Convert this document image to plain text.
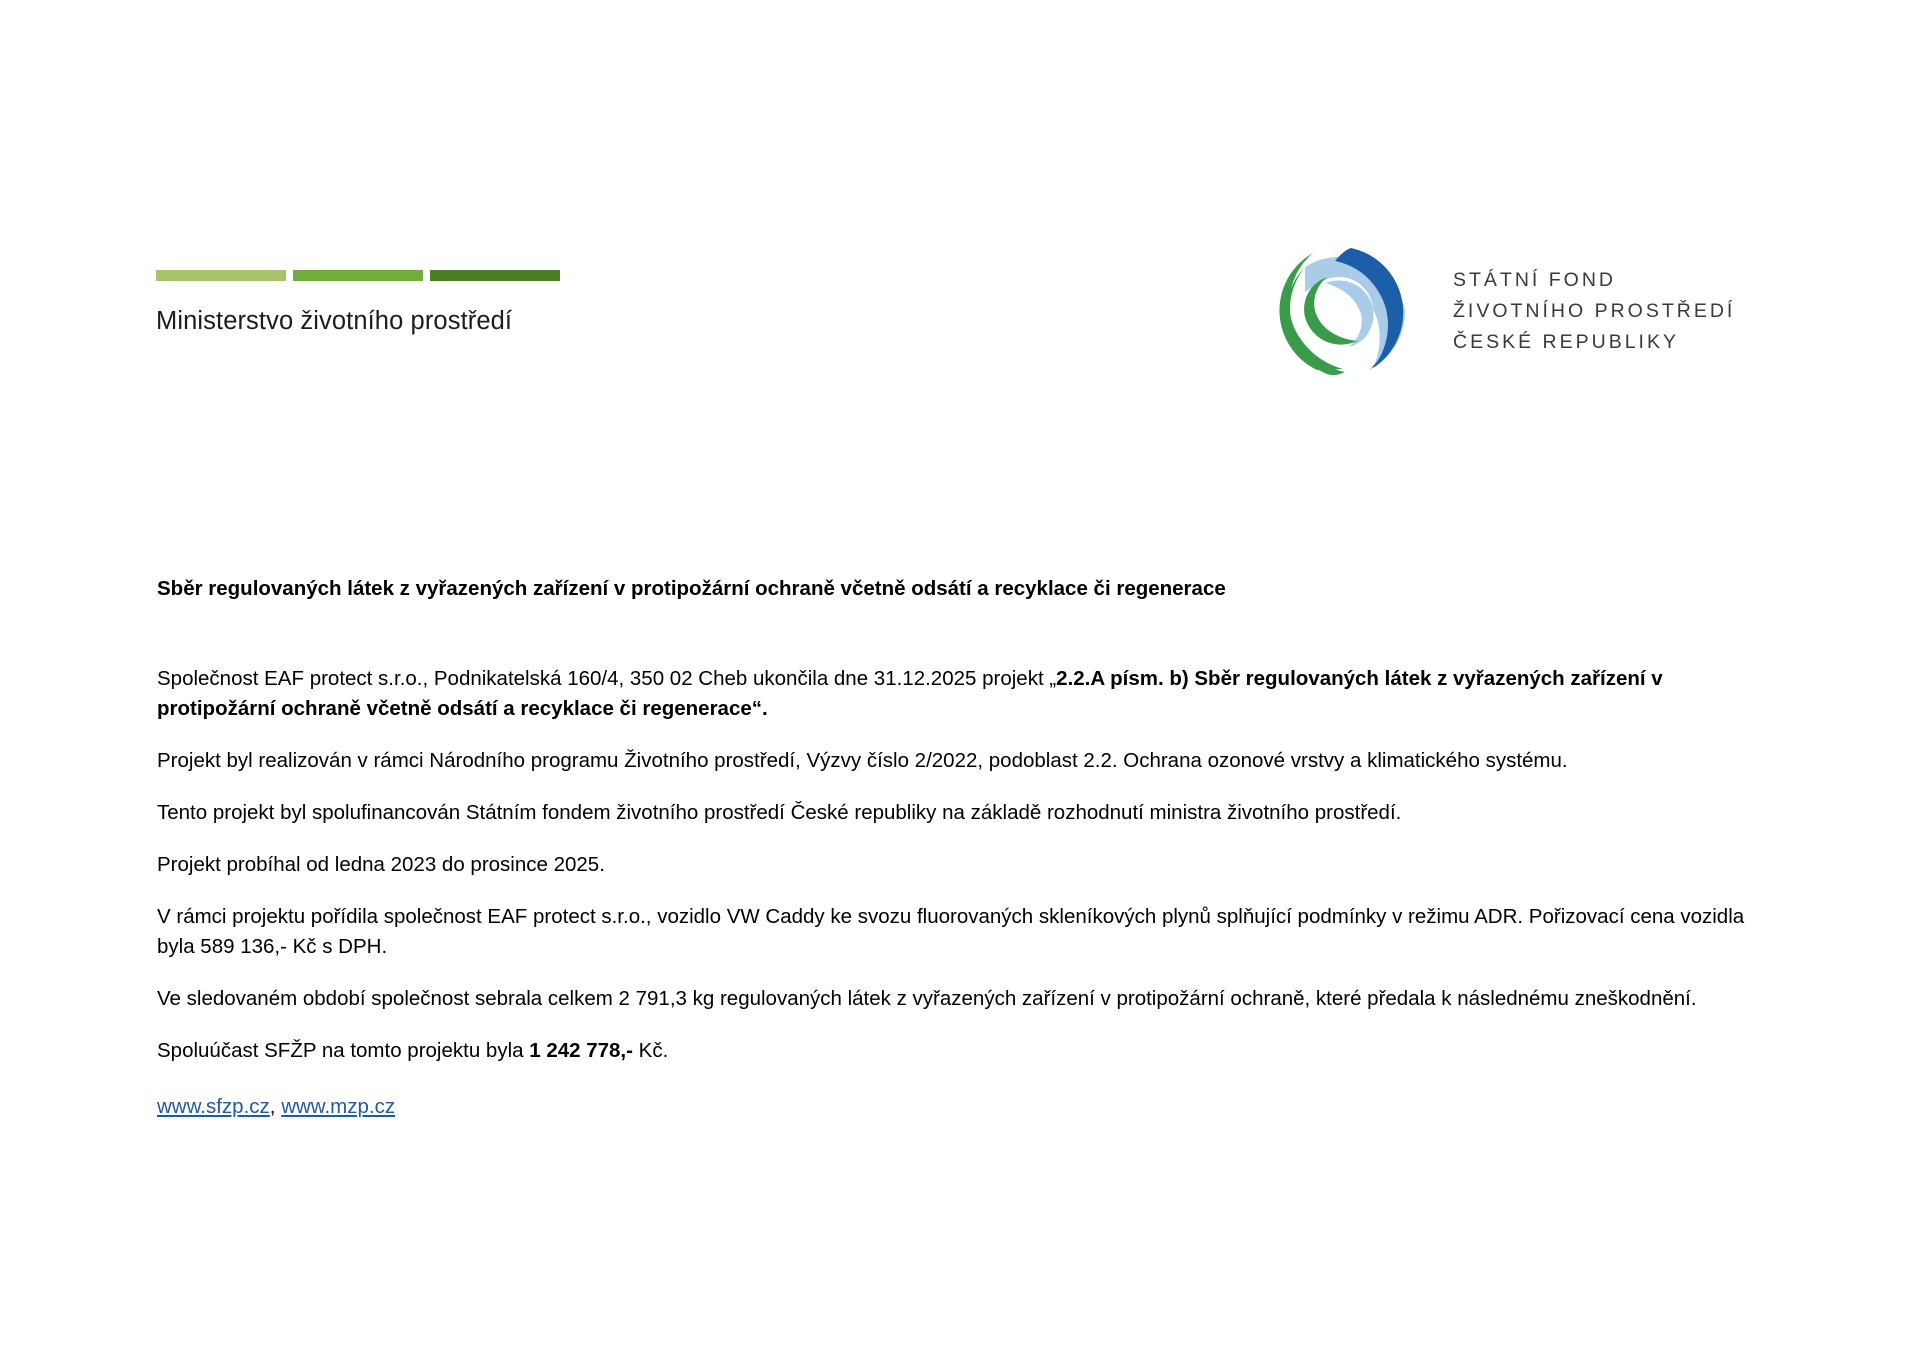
Ministerstvo životního prostředí
STÁTNÍ FOND
ŽIVOTNÍHO PROSTŘEDÍ
ČESKÉ REPUBLIKY
Sběr regulovaných látek z vyřazených zařízení v protipožární ochraně včetně odsátí a recyklace či regenerace

Společnost EAF protect s.r.o., Podnikatelská 160/4, 350 02 Cheb ukončila dne 31.12.2025 projekt „2.2.A písm. b) Sběr regulovaných látek z vyřazených zařízení v protipožární ochraně včetně odsátí a recyklace či regenerace“.

Projekt byl realizován v rámci Národního programu Životního prostředí, Výzvy číslo 2/2022, podoblast 2.2. Ochrana ozonové vrstvy a klimatického systému.

Tento projekt byl spolufinancován Státním fondem životního prostředí České republiky na základě rozhodnutí ministra životního prostředí.

Projekt probíhal od ledna 2023 do prosince 2025.

V rámci projektu pořídila společnost EAF protect s.r.o., vozidlo VW Caddy ke svozu fluorovaných skleníkových plynů splňující podmínky v režimu ADR. Pořizovací cena vozidla byla 589 136,- Kč s DPH.

Ve sledovaném období společnost sebrala celkem 2 791,3 kg regulovaných látek z vyřazených zařízení v protipožární ochraně, které předala k následnému zneškodnění.

Spoluúčast SFŽP na tomto projektu byla 1 242 778,- Kč.

www.sfzp.cz, www.mzp.cz
